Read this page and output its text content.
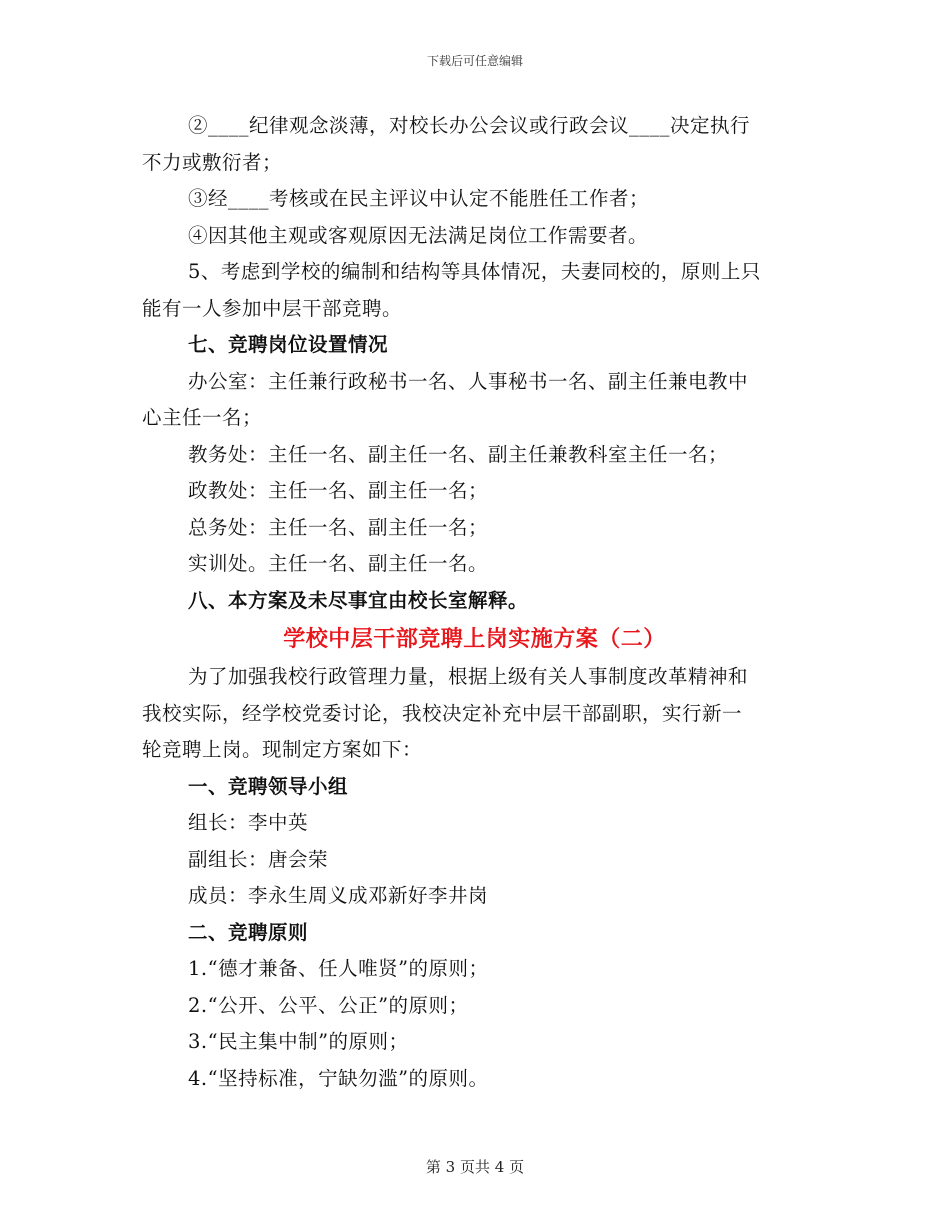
下载后可任意编辑
②____纪律观念淡薄，对校长办公会议或行政会议____决定执行
不力或敷衍者；
③经____考核或在民主评议中认定不能胜任工作者；
④因其他主观或客观原因无法满足岗位工作需要者。
5、考虑到学校的编制和结构等具体情况，夫妻同校的，原则上只
能有一人参加中层干部竞聘。
七、竞聘岗位设置情况
办公室：主任兼行政秘书一名、人事秘书一名、副主任兼电教中
心主任一名；
教务处：主任一名、副主任一名、副主任兼教科室主任一名；
政教处：主任一名、副主任一名；
总务处：主任一名、副主任一名；
实训处。主任一名、副主任一名。
八、本方案及未尽事宜由校长室解释。
学校中层干部竞聘上岗实施方案（二）
为了加强我校行政管理力量，根据上级有关人事制度改革精神和
我校实际，经学校党委讨论，我校决定补充中层干部副职，实行新一
轮竞聘上岗。现制定方案如下：
一、竞聘领导小组
组长：李中英
副组长：唐会荣
成员：李永生周义成邓新好李井岗
二、竞聘原则
1.“德才兼备、任人唯贤”的原则；
2.“公开、公平、公正”的原则；
3.“民主集中制”的原则；
4.“坚持标准，宁缺勿滥”的原则。
第 3 页共 4 页
